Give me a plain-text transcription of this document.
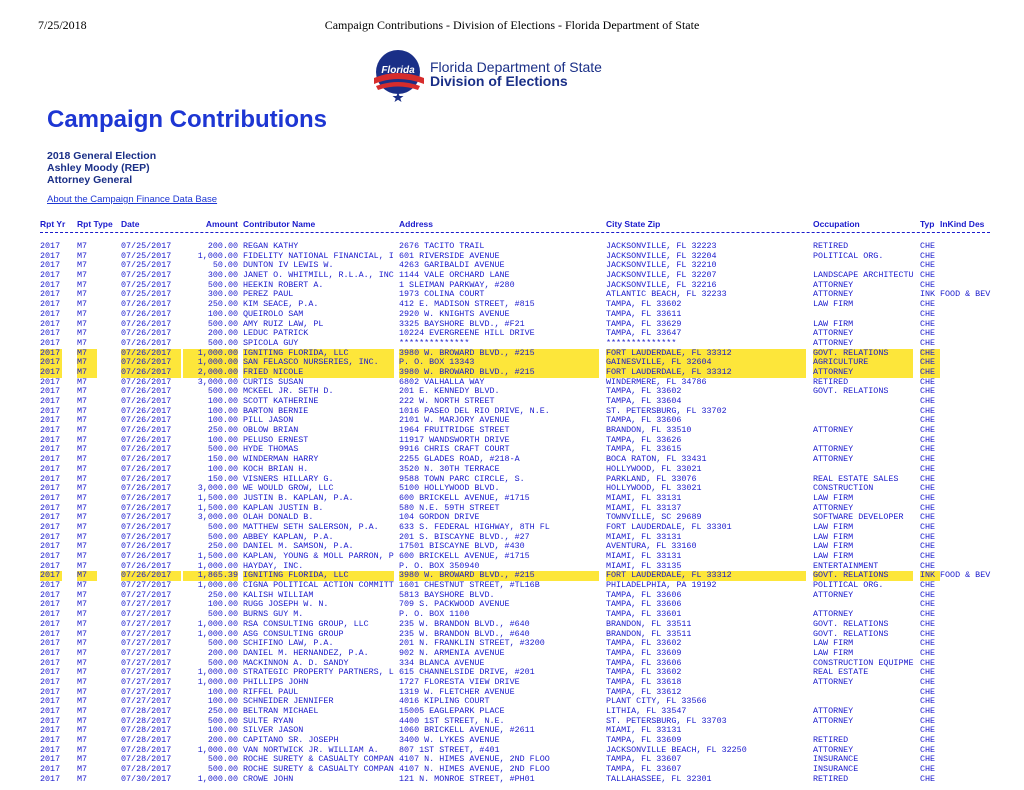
7/25/2018	Campaign Contributions - Division of Elections - Florida Department of State
Florida Florida Department of State
Division of Elections
Campaign Contributions
2018 General Election
Ashley Moody (REP)
Attorney General
About the Campaign Finance Data Base
Rpt Yr Rpt Type Date	Amount Contributor Name	Address	City State Zip	Occupation	Typ InKind Des
2017 M7	07/25/2017	200.00 REGAN KATHY	2676 TACITO TRAIL	JACKSONVILLE, FL 32223	RETIRED	CHE
2017 M7	07/25/2017	1,000.00 FIDELITY NATIONAL FINANCIAL, I 601 RIVERSIDE AVENUE	JACKSONVILLE, FL 32204	POLITICAL ORG.	CHE
2017 M7	07/25/2017	50.00 DUNTON IV LEWIS W.	4263 GARIBALDI AVENUE	JACKSONVILLE, FL 32210	CHE
2017 M7	07/25/2017	300.00 JANET O. WHITMILL, R.L.A., INC 1144 VALE ORCHARD LANE	JACKSONVILLE, FL 32207	LANDSCAPE ARCHITECTU CHE
2017 M7	07/25/2017	500.00 HEEKIN ROBERT A.	1 SLEIMAN PARKWAY, #280	JACKSONVILLE, FL 32216	ATTORNEY	CHE
2017 M7	07/25/2017	300.00 PEREZ PAUL	1973 COLINA COURT	ATLANTIC BEACH, FL 32233	ATTORNEY	INK FOOD & BEV
2017 M7	07/26/2017	250.00 KIM SEACE, P.A.	412 E. MADISON STREET, #815	TAMPA, FL 33602	LAW FIRM	CHE
2017 M7	07/26/2017	100.00 QUEIROLO SAM	2920 W. KNIGHTS AVENUE	TAMPA, FL 33611	CHE
2017 M7	07/26/2017	500.00 AMY RUIZ LAW, PL	3325 BAYSHORE BLVD., #F21	TAMPA, FL 33629	LAW FIRM	CHE
2017 M7	07/26/2017	200.00 LEDUC PATRICK	10224 EVERGREENE HILL DRIVE	TAMPA, FL 33647	ATTORNEY	CHE
2017 M7	07/26/2017	500.00 SPICOLA GUY	**************	**************	ATTORNEY	CHE
2017 M7	07/26/2017	1,000.00 IGNITING FLORIDA, LLC	3980 W. BROWARD BLVD., #215	FORT LAUDERDALE, FL 33312	GOVT. RELATIONS	CHE
2017 M7	07/26/2017	1,000.00 SAN FELASCO NURSERIES, INC.	P. O. BOX 13343	GAINESVILLE, FL 32604	AGRICULTURE	CHE
2017 M7	07/26/2017	2,000.00 FRIED NICOLE	3980 W. BROWARD BLVD., #215	FORT LAUDERDALE, FL 33312	ATTORNEY	CHE
2017 M7	07/26/2017	3,000.00 CURTIS SUSAN	6802 VALHALLA WAY	WINDERMERE, FL 34786	RETIRED	CHE
2017 M7	07/26/2017	500.00 MCKEEL JR. SETH D.	201 E. KENNEDY BLVD.	TAMPA, FL 33602	GOVT. RELATIONS	CHE
2017 M7	07/26/2017	100.00 SCOTT KATHERINE	222 W. NORTH STREET	TAMPA, FL 33604	CHE
2017 M7	07/26/2017	100.00 BARTON BERNIE	1016 PASEO DEL RIO DRIVE, N.E.	ST. PETERSBURG, FL 33702	CHE
2017 M7	07/26/2017	100.00 PILL JASON	2101 W. MARJORY AVENUE	TAMPA, FL 33606	CHE
2017 M7	07/26/2017	250.00 OBLOW BRIAN	1964 FRUITRIDGE STREET	BRANDON, FL 33510	ATTORNEY	CHE
2017 M7	07/26/2017	100.00 PELUSO ERNEST	11917 WANDSWORTH DRIVE	TAMPA, FL 33626	CHE
2017 M7	07/26/2017	500.00 HYDE THOMAS	9916 CHRIS CRAFT COURT	TAMPA, FL 33615	ATTORNEY	CHE
2017 M7	07/26/2017	150.00 WINDERMAN HARRY	2255 GLADES ROAD, #218-A	BOCA RATON, FL 33431	ATTORNEY	CHE
2017 M7	07/26/2017	100.00 KOCH BRIAN H.	3520 N. 30TH TERRACE	HOLLYWOOD, FL 33021	CHE
2017 M7	07/26/2017	150.00 VISNERS HILLARY G.	9588 TOWN PARC CIRCLE, S.	PARKLAND, FL 33076	REAL ESTATE SALES	CHE
2017 M7	07/26/2017	3,000.00 WE WOULD GROW, LLC	5100 HOLLYWOOD BLVD.	HOLLYWOOD, FL 33021	CONSTRUCTION	CHE
2017 M7	07/26/2017	1,500.00 JUSTIN B. KAPLAN, P.A.	600 BRICKELL AVENUE, #1715	MIAMI, FL 33131	LAW FIRM	CHE
2017 M7	07/26/2017	1,500.00 KAPLAN JUSTIN B.	580 N.E. 59TH STREET	MIAMI, FL 33137	ATTORNEY	CHE
2017 M7	07/26/2017	3,000.00 OLAH DONALD B.	104 GORDON DRIVE	TOWNVILLE, SC 29689	SOFTWARE DEVELOPER	CHE
2017 M7	07/26/2017	500.00 MATTHEW SETH SALERSON, P.A.	633 S. FEDERAL HIGHWAY, 8TH FL	FORT LAUDERDALE, FL 33301	LAW FIRM	CHE
2017 M7	07/26/2017	500.00 ABBEY KAPLAN, P.A.	201 S. BISCAYNE BLVD., #27	MIAMI, FL 33131	LAW FIRM	CHE
2017 M7	07/26/2017	250.00 DANIEL M. SAMSON, P.A.	17501 BISCAYNE BLVD, #430	AVENTURA, FL 33160	LAW FIRM	CHE
2017 M7	07/26/2017	1,500.00 KAPLAN, YOUNG & MOLL PARRON, P 600 BRICKELL AVENUE, #1715	MIAMI, FL 33131	LAW FIRM	CHE
2017 M7	07/26/2017	1,000.00 HAYDAY, INC.	P. O. BOX 350940	MIAMI, FL 33135	ENTERTAINMENT	CHE
2017 M7	07/26/2017	1,865.39 IGNITING FLORIDA, LLC	3980 W. BROWARD BLVD., #215	FORT LAUDERDALE, FL 33312	GOVT. RELATIONS	INK FOOD & BEV
2017 M7	07/27/2017	1,000.00 CIGNA POLITICAL ACTION COMMITT 1601 CHESTNUT STREET, #TL16B	PHILADELPHIA, PA 19192	POLITICAL ORG.	CHE
2017 M7	07/27/2017	250.00 KALISH WILLIAM	5813 BAYSHORE BLVD.	TAMPA, FL 33606	ATTORNEY	CHE
2017 M7	07/27/2017	100.00 RUGG JOSEPH W. N.	709 S. PACKWOOD AVENUE	TAMPA, FL 33606	CHE
2017 M7	07/27/2017	500.00 BURNS GUY M.	P. O. BOX 1100	TAMPA, FL 33601	ATTORNEY	CHE
2017 M7	07/27/2017	1,000.00 RSA CONSULTING GROUP, LLC	235 W. BRANDON BLVD., #640	BRANDON, FL 33511	GOVT. RELATIONS	CHE
2017 M7	07/27/2017	1,000.00 ASG CONSULTING GROUP	235 W. BRANDON BLVD., #640	BRANDON, FL 33511	GOVT. RELATIONS	CHE
2017 M7	07/27/2017	500.00 SCHIFINO LAW, P.A.	201 N. FRANKLIN STREET, #3200	TAMPA, FL 33602	LAW FIRM	CHE
2017 M7	07/27/2017	200.00 DANIEL M. HERNANDEZ, P.A.	902 N. ARMENIA AVENUE	TAMPA, FL 33609	LAW FIRM	CHE
2017 M7	07/27/2017	500.00 MACKINNON A. D. SANDY	334 BLANCA AVENUE	TAMPA, FL 33606	CONSTRUCTION EQUIPME CHE
2017 M7	07/27/2017	1,000.00 STRATEGIC PROPERTY PARTNERS, L 615 CHANNELSIDE DRIVE, #201	TAMPA, FL 33602	REAL ESTATE	CHE
2017 M7	07/27/2017	1,000.00 PHILLIPS JOHN	1727 FLORESTA VIEW DRIVE	TAMPA, FL 33618	ATTORNEY	CHE
2017 M7	07/27/2017	100.00 RIFFEL PAUL	1319 W. FLETCHER AVENUE	TAMPA, FL 33612	CHE
2017 M7	07/27/2017	100.00 SCHNEIDER JENNIFER	4016 KIPLING COURT	PLANT CITY, FL 33566	CHE
2017 M7	07/28/2017	250.00 BELTRAN MICHAEL	15005 EAGLEPARK PLACE	LITHIA, FL 33547	ATTORNEY	CHE
2017 M7	07/28/2017	500.00 SULTE RYAN	4400 1ST STREET, N.E.	ST. PETERSBURG, FL 33703	ATTORNEY	CHE
2017 M7	07/28/2017	100.00 SILVER JASON	1060 BRICKELL AVENUE, #2611	MIAMI, FL 33131	CHE
2017 M7	07/28/2017	200.00 CAPITANO SR. JOSEPH	3400 W. LYKES AVENUE	TAMPA, FL 33609	RETIRED	CHE
2017 M7	07/28/2017	1,000.00 VAN NORTWICK JR. WILLIAM A.	807 1ST STREET, #401	JACKSONVILLE BEACH, FL 32250	ATTORNEY	CHE
2017 M7	07/28/2017	500.00 ROCHE SURETY & CASUALTY COMPAN 4107 N. HIMES AVENUE, 2ND FLOO	TAMPA, FL 33607	INSURANCE	CHE
2017 M7	07/28/2017	500.00 ROCHE SURETY & CASUALTY COMPAN 4107 N. HIMES AVENUE, 2ND FLOO	TAMPA, FL 33607	INSURANCE	CHE
2017 M7	07/30/2017	1,000.00 CROWE JOHN	121 N. MONROE STREET, #PH01	TALLAHASSEE, FL 32301	RETIRED	CHE
